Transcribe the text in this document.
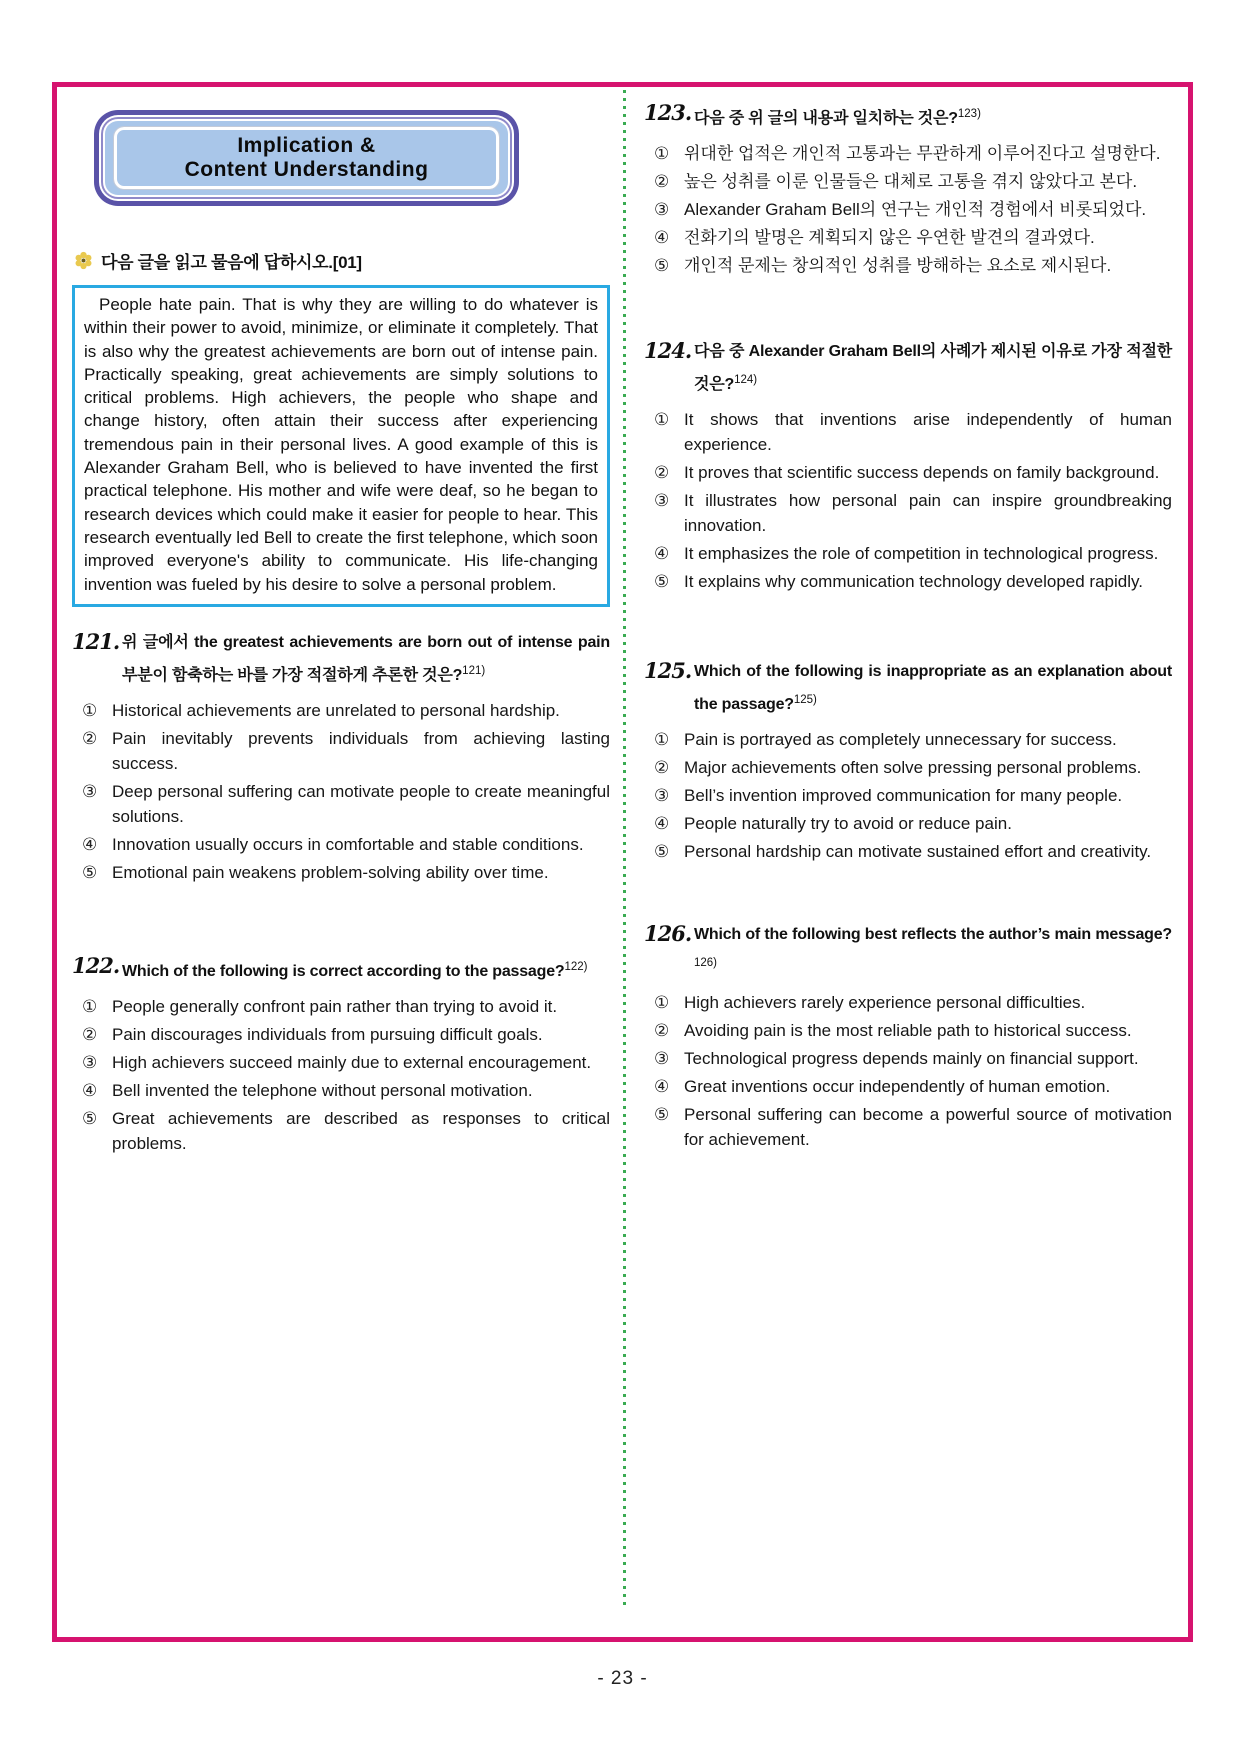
Implication &
Content Understanding
다음 글을 읽고 물음에 답하시오.[01]

People hate pain. That is why they are willing to do whatever is within their power to avoid, minimize, or eliminate it completely. That is also why the greatest achievements are born out of intense pain. Practically speaking, great achievements are simply solutions to critical problems. High achievers, the people who shape and change history, often attain their success after experiencing tremendous pain in their personal lives. A good example of this is Alexander Graham Bell, who is believed to have invented the first practical telephone. His mother and wife were deaf, so he began to research devices which could make it easier for people to hear. This research eventually led Bell to create the first telephone, which soon improved everyone's ability to communicate. His life-changing invention was fueled by his desire to solve a personal problem.

121. 위 글에서 the greatest achievements are born out of intense pain 부분이 함축하는 바를 가장 적절하게 추론한 것은?$^{121)}$
① Historical achievements are unrelated to personal hardship.
② Pain inevitably prevents individuals from achieving lasting success.
③ Deep personal suffering can motivate people to create meaningful solutions.
④ Innovation usually occurs in comfortable and stable conditions.
⑤ Emotional pain weakens problem-solving ability over time.
122. Which of the following is correct according to the passage?$^{122)}$
① People generally confront pain rather than trying to avoid it.
② Pain discourages individuals from pursuing difficult goals.
③ High achievers succeed mainly due to external encouragement.
④ Bell invented the telephone without personal motivation.
⑤ Great achievements are described as responses to critical problems.
123. 다음 중 위 글의 내용과 일치하는 것은?$^{123)}$
① 위대한 업적은 개인적 고통과는 무관하게 이루어진다고 설명한다.
② 높은 성취를 이룬 인물들은 대체로 고통을 겪지 않았다고 본다.
③ Alexander Graham Bell의 연구는 개인적 경험에서 비롯되었다.
④ 전화기의 발명은 계획되지 않은 우연한 발견의 결과였다.
⑤ 개인적 문제는 창의적인 성취를 방해하는 요소로 제시된다.
124. 다음 중 Alexander Graham Bell의 사례가 제시된 이유로 가장 적절한 것은?$^{124)}$
① It shows that inventions arise independently of human experience.
② It proves that scientific success depends on family background.
③ It illustrates how personal pain can inspire groundbreaking innovation.
④ It emphasizes the role of competition in technological progress.
⑤ It explains why communication technology developed rapidly.
125. Which of the following is inappropriate as an explanation about the passage?$^{125)}$
① Pain is portrayed as completely unnecessary for success.
② Major achievements often solve pressing personal problems.
③ Bell’s invention improved communication for many people.
④ People naturally try to avoid or reduce pain.
⑤ Personal hardship can motivate sustained effort and creativity.
126. Which of the following best reflects the author’s main message?$^{126)}$
① High achievers rarely experience personal difficulties.
② Avoiding pain is the most reliable path to historical success.
③ Technological progress depends mainly on financial support.
④ Great inventions occur independently of human emotion.
⑤ Personal suffering can become a powerful source of motivation for achievement.
- 23 -
